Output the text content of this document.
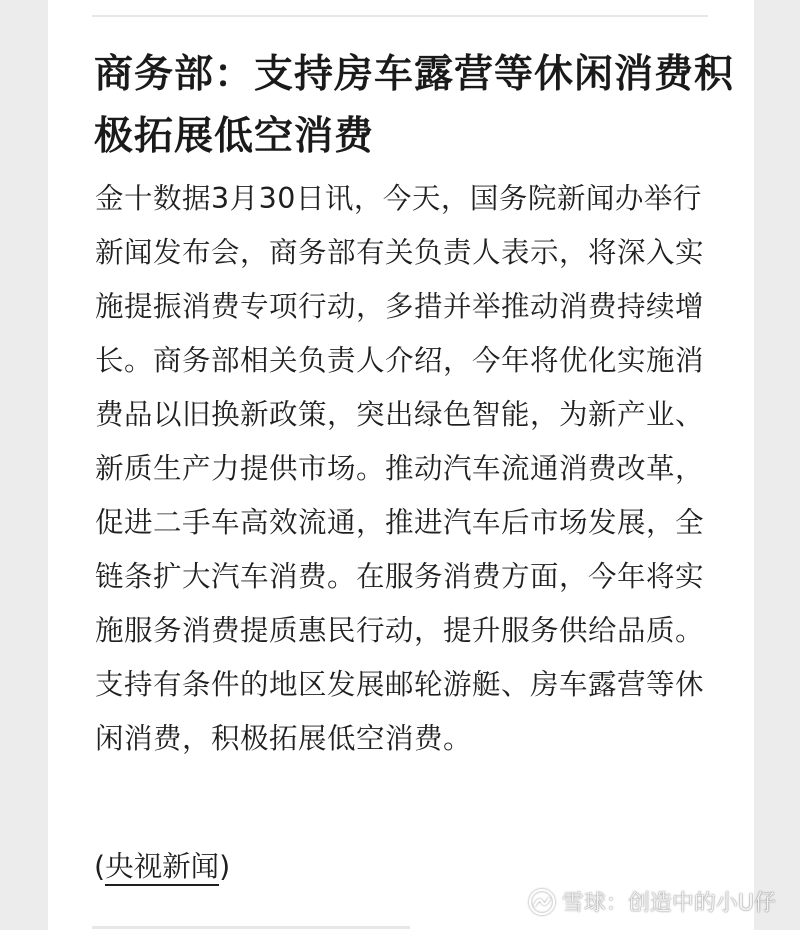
商务部：支持房车露营等休闲消费积极拓展低空消费

金十数据3月30日讯，今天，国务院新闻办举行新闻发布会，商务部有关负责人表示，将深入实施提振消费专项行动，多措并举推动消费持续增长。商务部相关负责人介绍，今年将优化实施消费品以旧换新政策，突出绿色智能，为新产业、新质生产力提供市场。推动汽车流通消费改革，促进二手车高效流通，推进汽车后市场发展，全链条扩大汽车消费。在服务消费方面，今年将实施服务消费提质惠民行动，提升服务供给品质。支持有条件的地区发展邮轮游艇、房车露营等休闲消费，积极拓展低空消费。

(央视新闻)

雪球：创造中的小U仔
